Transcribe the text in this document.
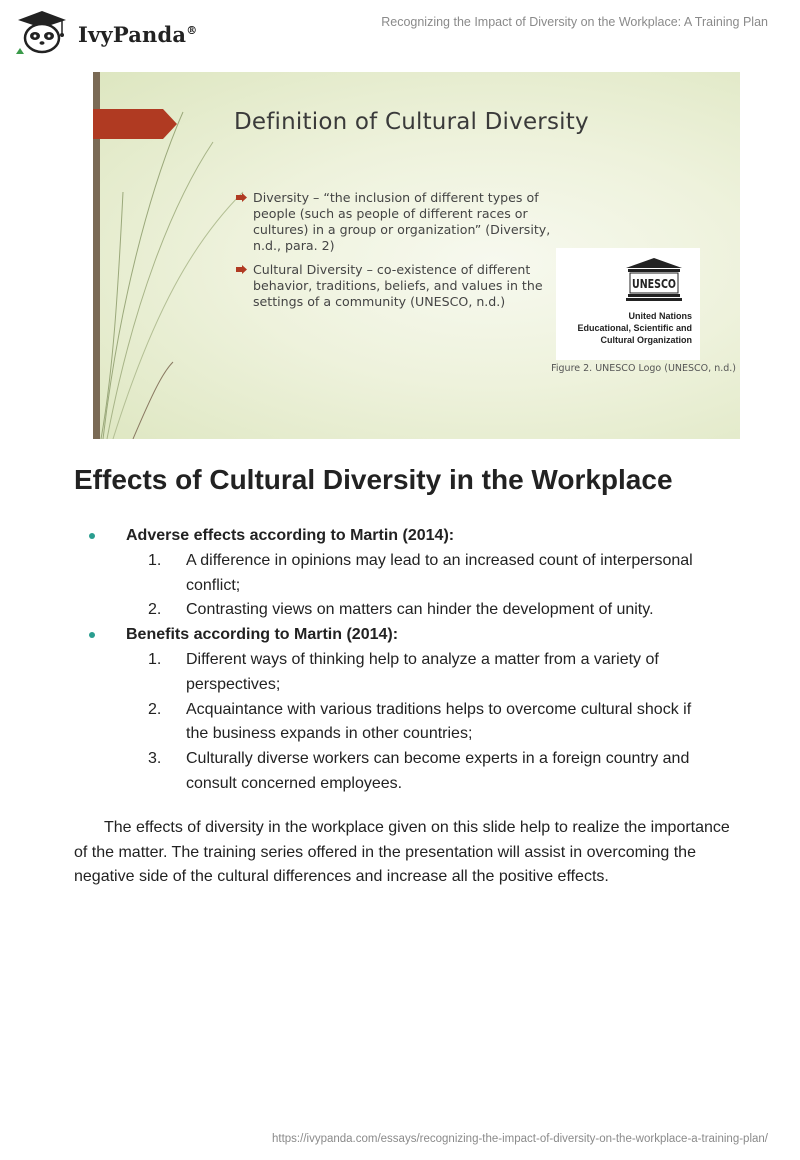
IvyPanda®
Recognizing the Impact of Diversity on the Workplace: A Training Plan
Definition of Cultural Diversity
Diversity – “the inclusion of different types of people (such as people of different races or cultures) in a group or organization” (Diversity, n.d., para. 2)
Cultural Diversity – co-existence of different behavior, traditions, beliefs, and values in the settings of a community (UNESCO, n.d.)
UNESCO
United Nations
Educational, Scientific and
Cultural Organization
Figure 2. UNESCO Logo (UNESCO, n.d.)
Effects of Cultural Diversity in the Workplace
Adverse effects according to Martin (2014):
1. A difference in opinions may lead to an increased count of interpersonal
conflict;
2. Contrasting views on matters can hinder the development of unity.
Benefits according to Martin (2014):
1. Different ways of thinking help to analyze a matter from a variety of
perspectives;
2. Acquaintance with various traditions helps to overcome cultural shock if
the business expands in other countries;
3. Culturally diverse workers can become experts in a foreign country and
consult concerned employees.

The effects of diversity in the workplace given on this slide help to realize the importance of the matter. The training series offered in the presentation will assist in overcoming the negative side of the cultural differences and increase all the positive effects.

https://ivypanda.com/essays/recognizing-the-impact-of-diversity-on-the-workplace-a-training-plan/
